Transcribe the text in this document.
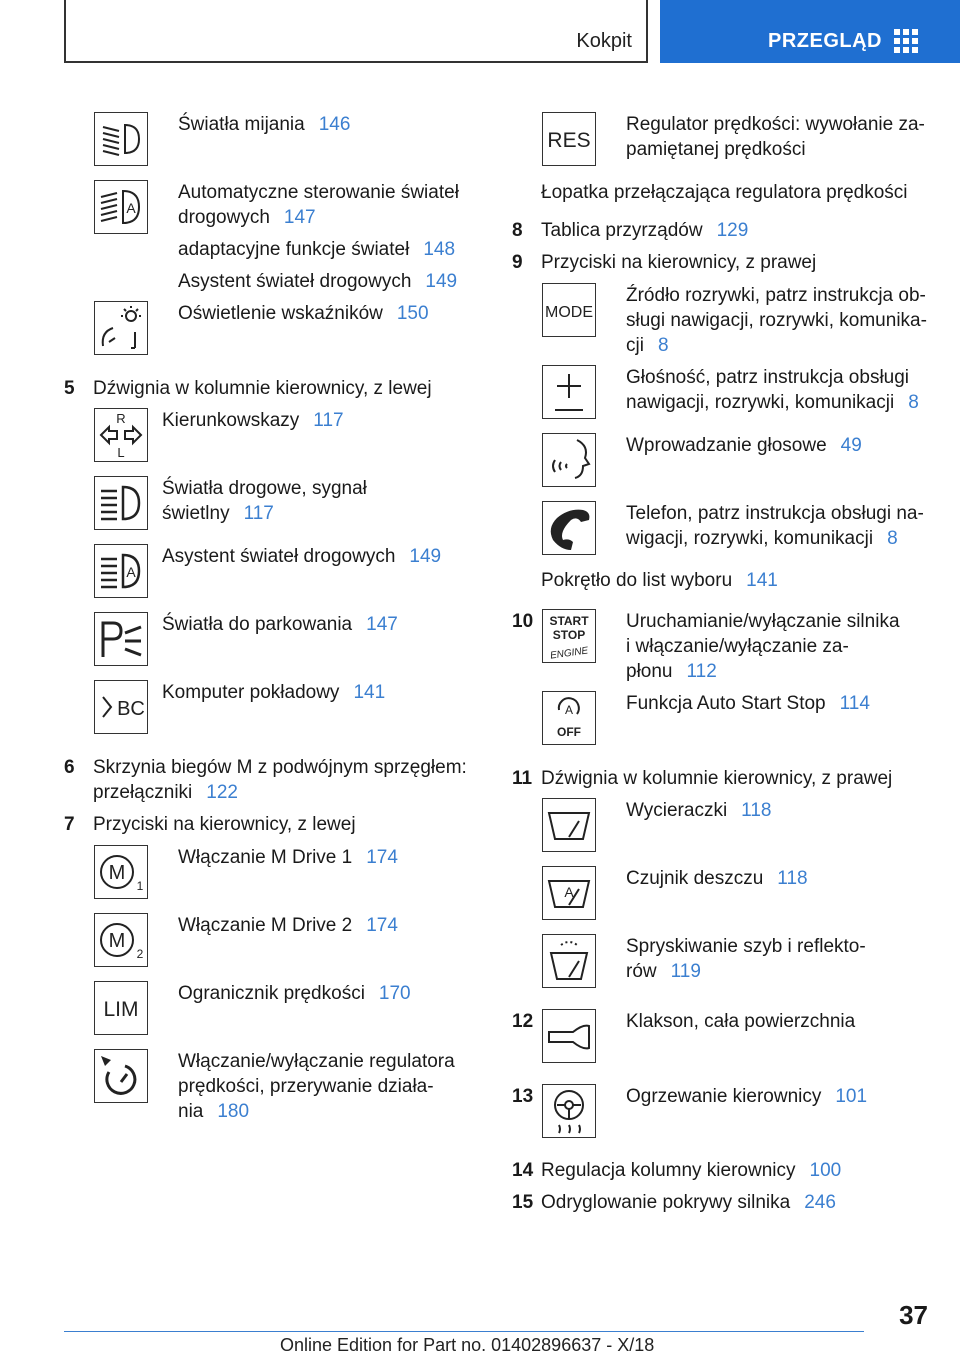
Kokpit	PRZEGLĄD
Światła mijania 146
A
Automatyczne sterowanie świateł
drogowych 147
adaptacyjne funkcje świateł 148
Asystent świateł drogowych 149
Oświetlenie wskaźników 150
5 Dźwignia w kolumnie kierownicy, z lewej
R
L
Kierunkowskazy 117
Światła drogowe, sygnał
świetlny 117
A
Asystent świateł drogowych 149
Światła do parkowania 147
BC
Komputer pokładowy 141
6 Skrzynia biegów M z podwójnym sprzęgłem:
przełączniki 122
7 Przyciski na kierownicy, z lewej
M
1
Włączanie M Drive 1 174
M
2
Włączanie M Drive 2 174
LIM
Ogranicznik prędkości 170
Włączanie/wyłączanie regulatora
prędkości, przerywanie działa-
nia 180
RES
Regulator prędkości: wywołanie za-
pamiętanej prędkości
Łopatka przełączająca regulatora prędkości
8 Tablica przyrządów 129
9 Przyciski na kierownicy, z prawej
MODE
Źródło rozrywki, patrz instrukcja ob-
sługi nawigacji, rozrywki, komunika-
cji 8
Głośność, patrz instrukcja obsługi
nawigacji, rozrywki, komunikacji 8
Wprowadzanie głosowe 49
Telefon, patrz instrukcja obsługi na-
wigacji, rozrywki, komunikacji 8
Pokrętło do list wyboru 141
10 START
STOP
ENGINE
Uruchamianie/wyłączanie silnika
i włączanie/wyłączanie za-
płonu 112
A
OFF
Funkcja Auto Start Stop 114
11 Dźwignia w kolumnie kierownicy, z prawej
Wycieraczki 118
A
Czujnik deszczu 118
Spryskiwanie szyb i reflekto-
rów 119
12	Klakson, cała powierzchnia
13	Ogrzewanie kierownicy 101
14 Regulacja kolumny kierownicy 100
15 Odryglowanie pokrywy silnika 246
37
Online Edition for Part no. 01402896637 - X/18
